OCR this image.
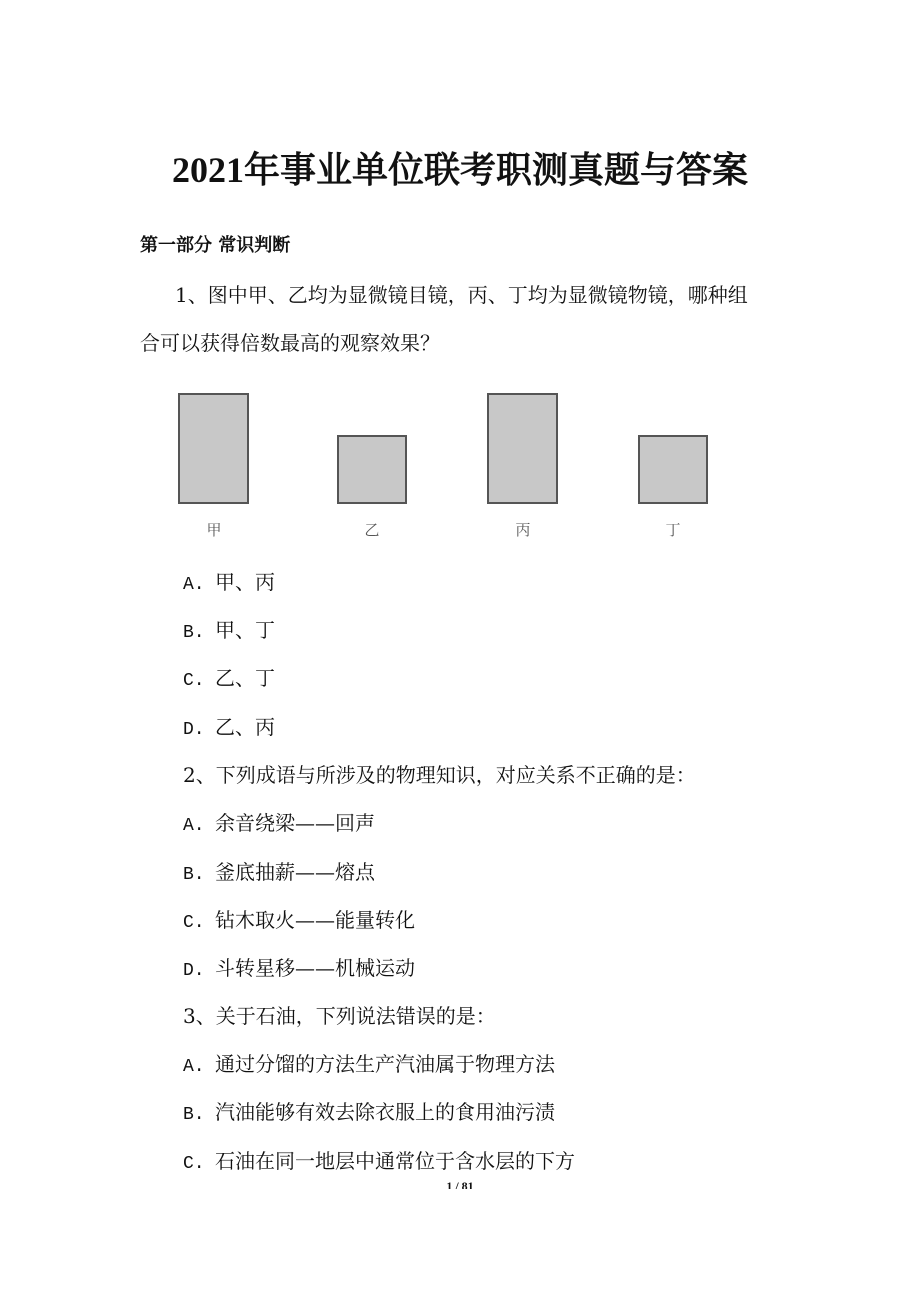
2021年事业单位联考职测真题与答案
第一部分 常识判断
1、图中甲、乙均为显微镜目镜，丙、丁均为显微镜物镜，哪种组
合可以获得倍数最高的观察效果？
甲	乙	丙	丁
A. 甲、丙
B. 甲、丁
C. 乙、丁
D. 乙、丙
2、下列成语与所涉及的物理知识，对应关系不正确的是：
A. 余音绕梁——回声
B. 釜底抽薪——熔点
C. 钻木取火——能量转化
D. 斗转星移——机械运动
3、关于石油，下列说法错误的是：
A. 通过分馏的方法生产汽油属于物理方法
B. 汽油能够有效去除衣服上的食用油污渍
C. 石油在同一地层中通常位于含水层的下方
1 / 81
